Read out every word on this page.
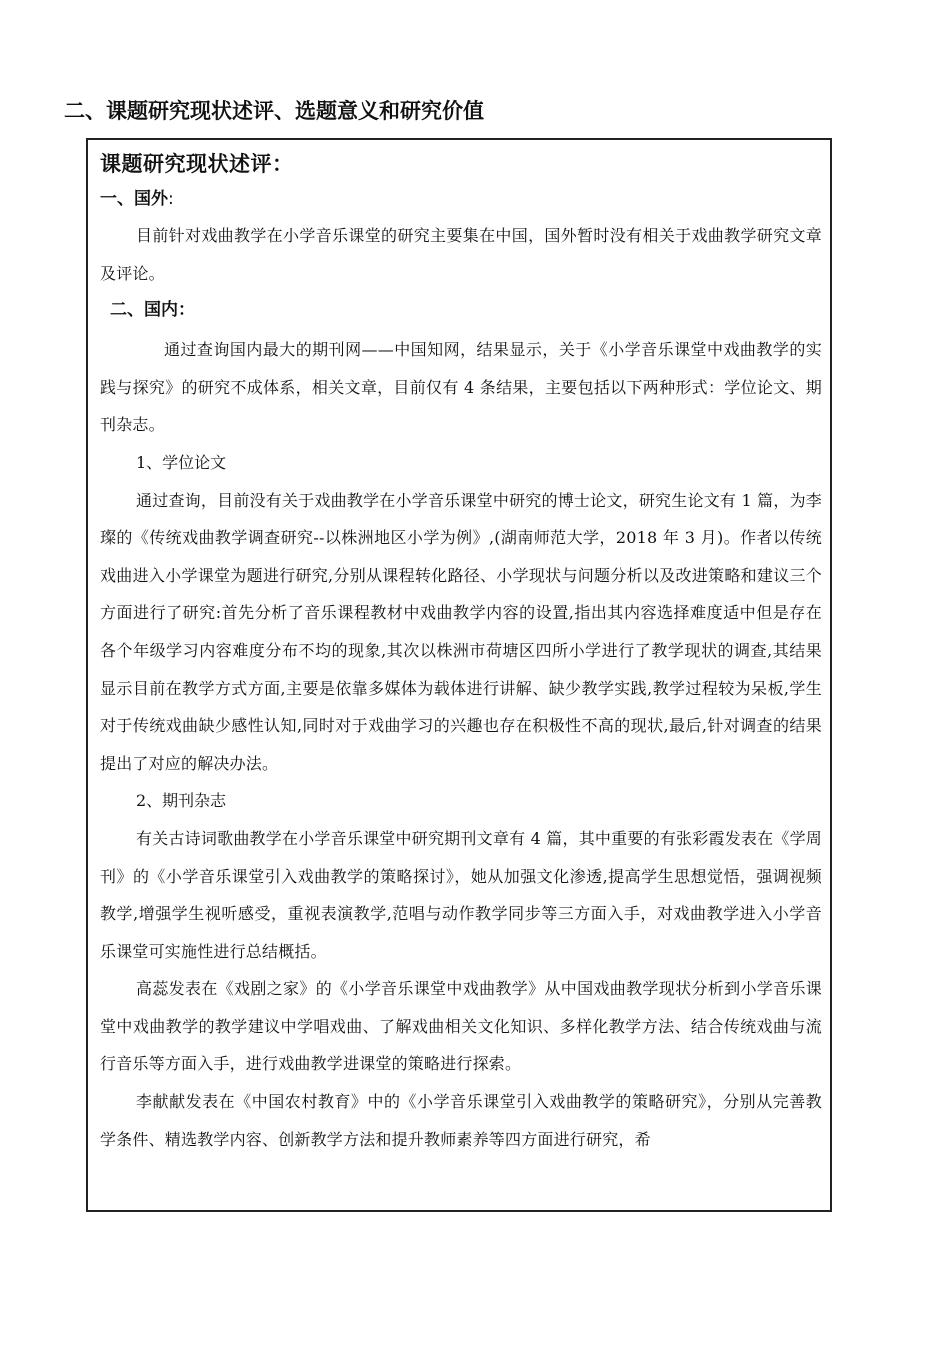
二、课题研究现状述评、选题意义和研究价值
课题研究现状述评：

一、国外:

目前针对戏曲教学在小学音乐课堂的研究主要集在中国，国外暂时没有相关于戏曲教学研究文章及评论。

二、国内：

通过查询国内最大的期刊网——中国知网，结果显示，关于《小学音乐课堂中戏曲教学的实践与探究》的研究不成体系，相关文章，目前仅有 4 条结果，主要包括以下两种形式：学位论文、期刊杂志。

1、学位论文

通过查询，目前没有关于戏曲教学在小学音乐课堂中研究的博士论文，研究生论文有 1 篇，为李璨的《传统戏曲教学调查研究--以株洲地区小学为例》,(湖南师范大学，2018 年 3 月)。作者以传统戏曲进入小学课堂为题进行研究,分别从课程转化路径、小学现状与问题分析以及改进策略和建议三个方面进行了研究:首先分析了音乐课程教材中戏曲教学内容的设置,指出其内容选择难度适中但是存在各个年级学习内容难度分布不均的现象,其次以株洲市荷塘区四所小学进行了教学现状的调查,其结果显示目前在教学方式方面,主要是依靠多媒体为载体进行讲解、缺少教学实践,教学过程较为呆板,学生对于传统戏曲缺少感性认知,同时对于戏曲学习的兴趣也存在积极性不高的现状,最后,针对调查的结果提出了对应的解决办法。

2、期刊杂志

有关古诗词歌曲教学在小学音乐课堂中研究期刊文章有 4 篇，其中重要的有张彩霞发表在《学周刊》的《小学音乐课堂引入戏曲教学的策略探讨》，她从加强文化渗透,提高学生思想觉悟，强调视频教学,增强学生视听感受，重视表演教学,范唱与动作教学同步等三方面入手，对戏曲教学进入小学音乐课堂可实施性进行总结概括。

高蕊发表在《戏剧之家》的《小学音乐课堂中戏曲教学》从中国戏曲教学现状分析到小学音乐课堂中戏曲教学的教学建议中学唱戏曲、了解戏曲相关文化知识、多样化教学方法、结合传统戏曲与流行音乐等方面入手，进行戏曲教学进课堂的策略进行探索。

李献献发表在《中国农村教育》中的《小学音乐课堂引入戏曲教学的策略研究》，分别从完善教学条件、精选教学内容、创新教学方法和提升教师素养等四方面进行研究，希
